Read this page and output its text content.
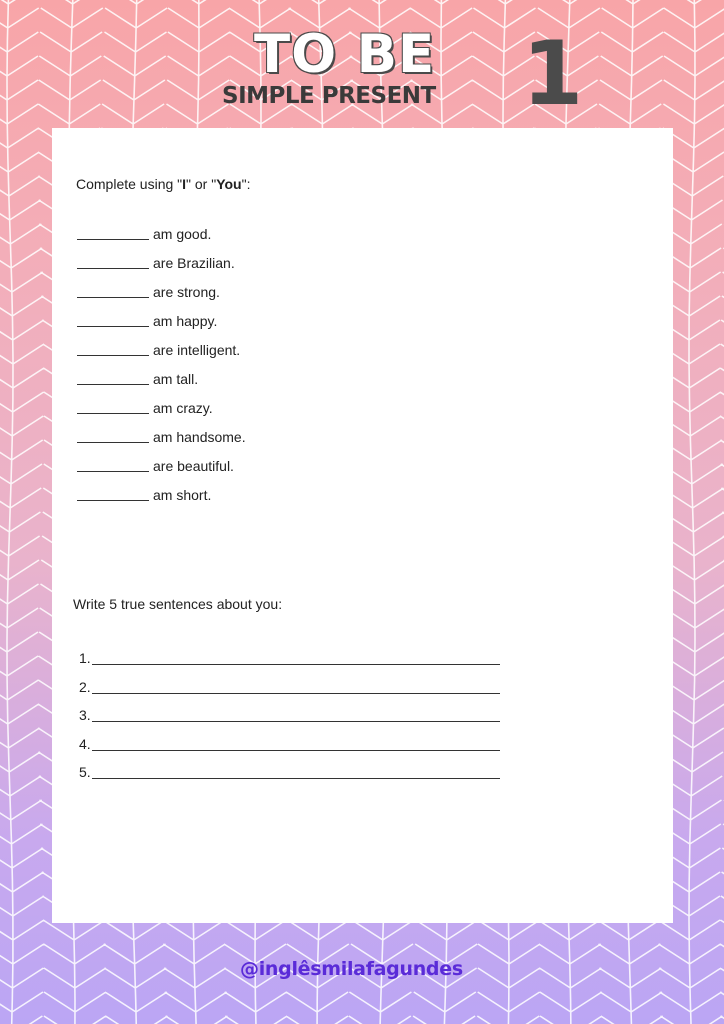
TO BE
SIMPLE PRESENT 1

Complete using "I" or "You":

am good.
are Brazilian.
are strong.
am happy.
are intelligent.
am tall.
am crazy.
am handsome.
are beautiful.
am short.

Write 5 true sentences about you:

1.
2.
3.
4.
5.
@inglêsmilafagundes
